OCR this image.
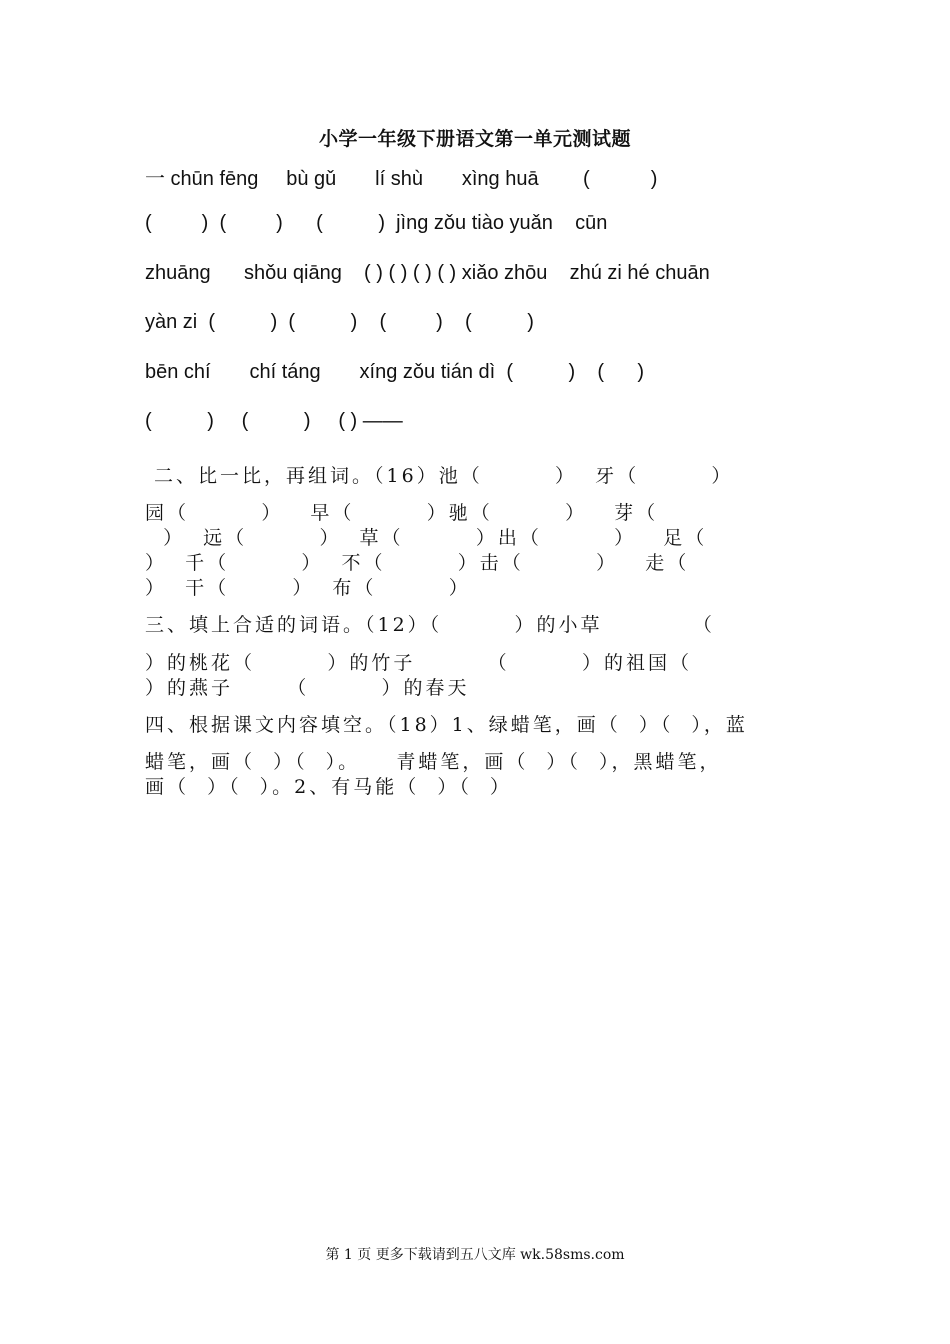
小学一年级下册语文第一单元测试题
一 chūn fēng     bù gǔ       lí shù       xìng huā        (           )
(         )  (         )      (          )  jìng zǒu tiào yuǎn    cūn
zhuānɡ      shǒu qiāng    ( ) ( ) ( ) ( ) xiǎo zhōu    zhú zi hé chuān
yàn zi  (          )  (          )    (         )    (          )
bēn chí       chí táng       xíng zǒu tián dì  (          )    (      )
(          )     (          )     ( ) ——
二、比一比，再组词。（16）池（        ）  牙（        ）
园（        ）   早（        ）驰（        ）   芽（
）  远（        ）  草（        ）出（        ）   足（
）  千（        ）  不（        ）击（        ）   走（
）  干（       ）  布（        ）
三、填上合适的词语。（12）（        ）的小草          （
）的桃花（        ）的竹子        （        ）的祖国（
）的燕子      （        ）的春天
四、根据课文内容填空。（18）1、绿蜡笔，画（  ）（  ），蓝
蜡笔，画（  ）（  ）。    青蜡笔，画（  ）（  ），黑蜡笔，
画（  ）（  ）。2、有马能（  ）（  ）
第 1 页 更多下载请到五八文库 wk.58sms.com
